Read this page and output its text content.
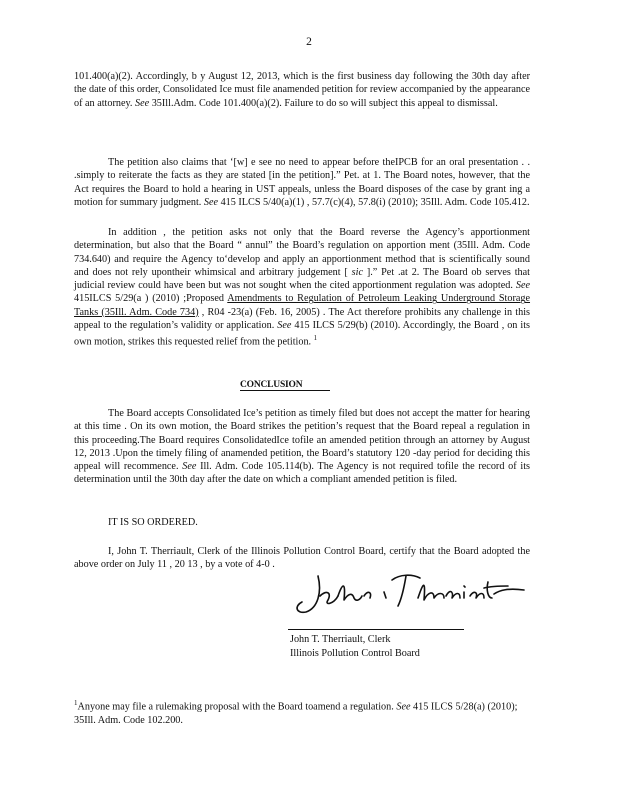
2
101.400(a)(2). Accordingly, b y August 12, 2013, which is the first business day following the 30th day after the date of this order, Consolidated Ice must file anamended petition for review accompanied by the appearance of an attorney. See 35Ill.Adm. Code 101.400(a)(2). Failure to do so will subject this appeal to dismissal.
The petition also claims that ‘[w] e see no need to appear before theIPCB for an oral presentation . . .simply to reiterate the facts as they are stated [in the petition].” Pet. at 1. The Board notes, however, that the Act requires the Board to hold a hearing in UST appeals, unless the Board disposes of the case by grant ing a motion for summary judgment. See 415 ILCS 5/40(a)(1) , 57.7(c)(4), 57.8(i) (2010); 35Ill. Adm. Code 105.412.
In addition , the petition asks not only that the Board reverse the Agency’s apportionment determination, but also that the Board “ annul” the Board’s regulation on apportion ment (35Ill. Adm. Code 734.640) and require the Agency to‘develop and apply an apportionment method that is scientifically sound and does not rely upontheir whimsical and arbitrary judgement [ sic ].” Pet .at 2. The Board ob serves that judicial review could have been but was not sought when the cited apportionment regulation was adopted. See 415ILCS 5/29(a ) (2010) ;Proposed Amendments to Regulation of Petroleum Leaking Underground Storage Tanks (35Ill. Adm. Code 734) , R04 -23(a) (Feb. 16, 2005) . The Act therefore prohibits any challenge in this appeal to the regulation’s validity or application. See 415 ILCS 5/29(b) (2010). Accordingly, the Board , on its own motion, strikes this requested relief from the petition. $^1$
CONCLUSION
The Board accepts Consolidated Ice’s petition as timely filed but does not accept the matter for hearing at this time . On its own motion, the Board strikes the petition’s request that the Board repeal a regulation in this proceeding.The Board requires ConsolidatedIce tofile an amended petition through an attorney by August 12, 2013 .Upon the timely filing of anamended petition, the Board’s statutory 120 -day period for deciding this appeal will recommence. See Ill. Adm. Code 105.114(b). The Agency is not required tofile the record of its determination until the 30th day after the date on which a compliant amended petition is filed.
IT IS SO ORDERED.
I, John T. Therriault, Clerk of the Illinois Pollution Control Board, certify that the Board adopted the above order on July 11 , 20 13 , by a vote of 4-0 .
John T. Therriault, Clerk
Illinois Pollution Control Board
$^1$Anyone may file a rulemaking proposal with the Board toamend a regulation. See 415 ILCS 5/28(a) (2010); 35Ill. Adm. Code 102.200.
